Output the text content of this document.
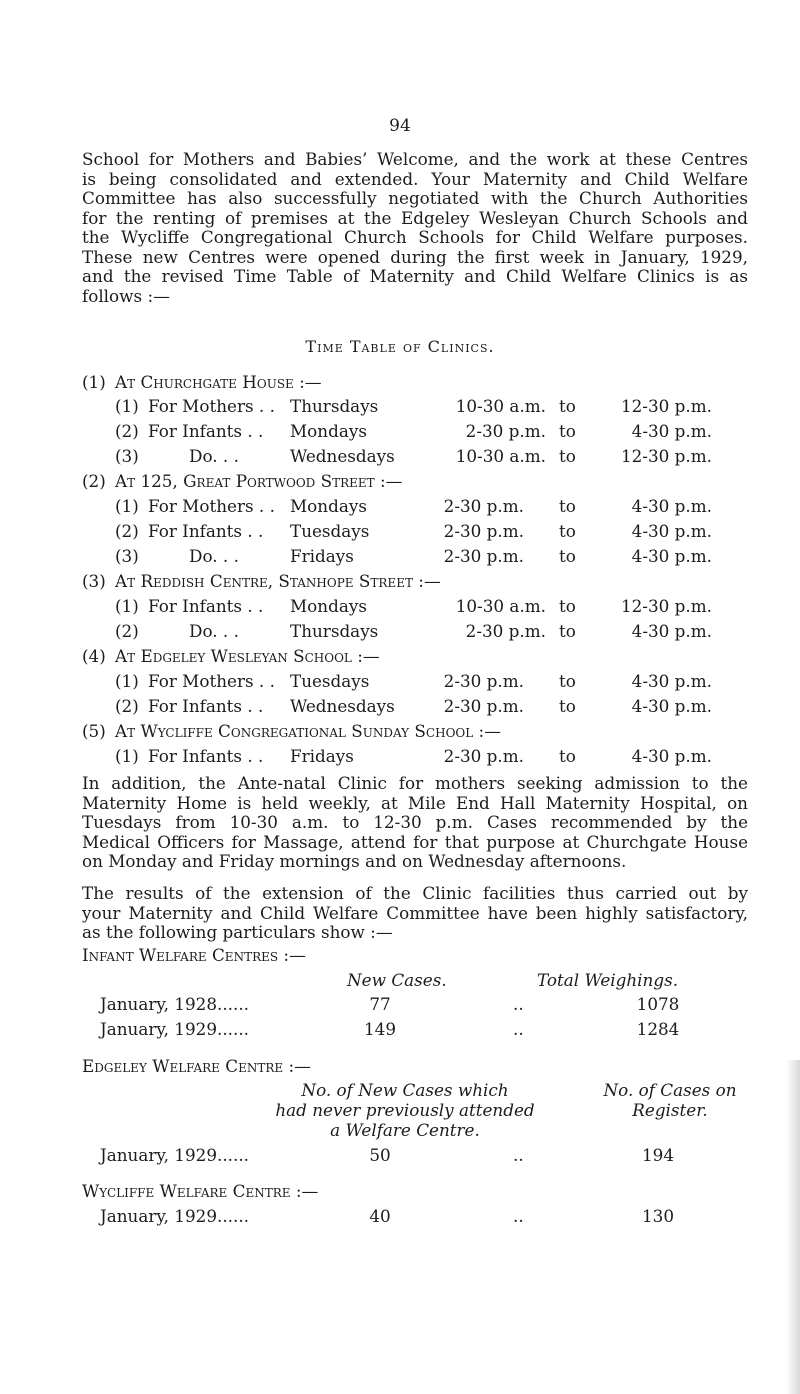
94
School for Mothers and Babies’ Welcome, and the work at these Centres
is being consolidated and extended. Your Maternity and Child Welfare
Committee has also successfully negotiated with the Church Authorities
for the renting of premises at the Edgeley Wesleyan Church Schools and
the Wycliffe Congregational Church Schools for Child Welfare purposes.
These new Centres were opened during the first week in January, 1929,
and the revised Time Table of Maternity and Child Welfare Clinics is as
follows :—
Time Table of Clinics.
(1) At Churchgate House :—
(1) For Mothers . . Thursdays	10-30 a.m. to	12-30 p.m.
(2) For Infants . . Mondays	2-30 p.m. to	4-30 p.m.
(3)	Do. . .	Wednesdays	10-30 a.m. to	12-30 p.m.
(2) At 125, Great Portwood Street :—
(1) For Mothers . . Mondays	2-30 p.m. to	4-30 p.m.
(2) For Infants . . Tuesdays	2-30 p.m. to	4-30 p.m.
(3)	Do. . .	Fridays	2-30 p.m. to	4-30 p.m.
(3) At Reddish Centre, Stanhope Street :—
(1) For Infants . . Mondays	10-30 a.m. to	12-30 p.m.
(2)	Do. . .	Thursdays	2-30 p.m. to	4-30 p.m.
(4) At Edgeley Wesleyan School :—
(1) For Mothers . . Tuesdays	2-30 p.m. to	4-30 p.m.
(2) For Infants . . Wednesdays	2-30 p.m. to	4-30 p.m.
(5) At Wycliffe Congregational Sunday School :—
(1) For Infants . . Fridays	2-30 p.m. to	4-30 p.m.
In addition, the Ante-natal Clinic for mothers seeking admission to the
Maternity Home is held weekly, at Mile End Hall Maternity Hospital, on
Tuesdays from 10-30 a.m. to 12-30 p.m. Cases recommended by the
Medical Officers for Massage, attend for that purpose at Churchgate House
on Monday and Friday mornings and on Wednesday afternoons.
The results of the extension of the Clinic facilities thus carried out by
your Maternity and Child Welfare Committee have been highly satisfactory,
as the following particulars show :—
Infant Welfare Centres :—
New Cases.	Total Weighings.
January, 1928......	77	..	1078
January, 1929......	149	..	1284
Edgeley Welfare Centre :—
No. of New Cases which
had never previously attended
a Welfare Centre.
No. of Cases on
Register.
January, 1929......	50	..	194
Wycliffe Welfare Centre :—
January, 1929......	40	..	130
